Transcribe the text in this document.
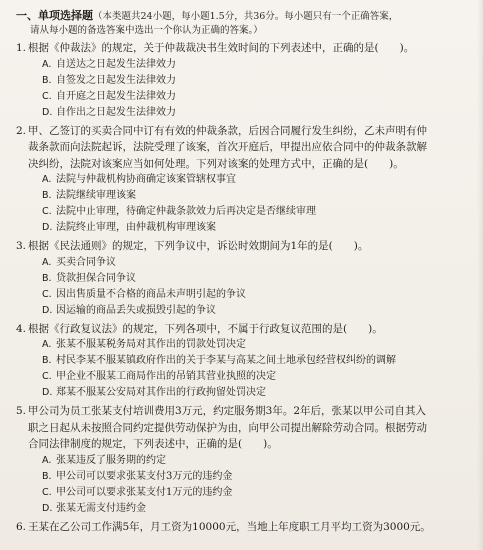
一、单项选择题（本类题共24小题，每小题1.5分，共36分。每小题只有一个正确答案，
请从每小题的备选答案中选出一个你认为正确的答案。）
1. 根据《仲裁法》的规定，关于仲裁裁决书生效时间的下列表述中，正确的是(　　)。
A. 自送达之日起发生法律效力
B. 自签发之日起发生法律效力
C. 自开庭之日起发生法律效力
D. 自作出之日起发生法律效力
2. 甲、乙签订的买卖合同中订有有效的仲裁条款，后因合同履行发生纠纷，乙未声明有仲
裁条款而向法院起诉，法院受理了该案，首次开庭后，甲提出应依合同中的仲裁条款解
决纠纷，法院对该案应当如何处理。下列对该案的处理方式中，正确的是(　　)。
A. 法院与仲裁机构协商确定该案管辖权事宜
B. 法院继续审理该案
C. 法院中止审理，待确定仲裁条款效力后再决定是否继续审理
D. 法院终止审理，由仲裁机构审理该案
3. 根据《民法通则》的规定，下列争议中，诉讼时效期间为1年的是(　　)。
A. 买卖合同争议
B. 贷款担保合同争议
C. 因出售质量不合格的商品未声明引起的争议
D. 因运输的商品丢失或损毁引起的争议
4. 根据《行政复议法》的规定，下列各项中，不属于行政复议范围的是(　　)。
A. 张某不服某税务局对其作出的罚款处罚决定
B. 村民李某不服某镇政府作出的关于李某与高某之间土地承包经营权纠纷的调解
C. 甲企业不服某工商局作出的吊销其营业执照的决定
D. 郑某不服某公安局对其作出的行政拘留处罚决定
5. 甲公司为员工张某支付培训费用3万元，约定服务期3年。2年后，张某以甲公司自其入
职之日起从未按照合同约定提供劳动保护为由，向甲公司提出解除劳动合同。根据劳动
合同法律制度的规定，下列表述中，正确的是(　　)。
A. 张某违反了服务期的约定
B. 甲公司可以要求张某支付3万元的违约金
C. 甲公司可以要求张某支付1万元的违约金
D. 张某无需支付违约金
6. 王某在乙公司工作满5年，月工资为10000元，当地上年度职工月平均工资为3000元。
